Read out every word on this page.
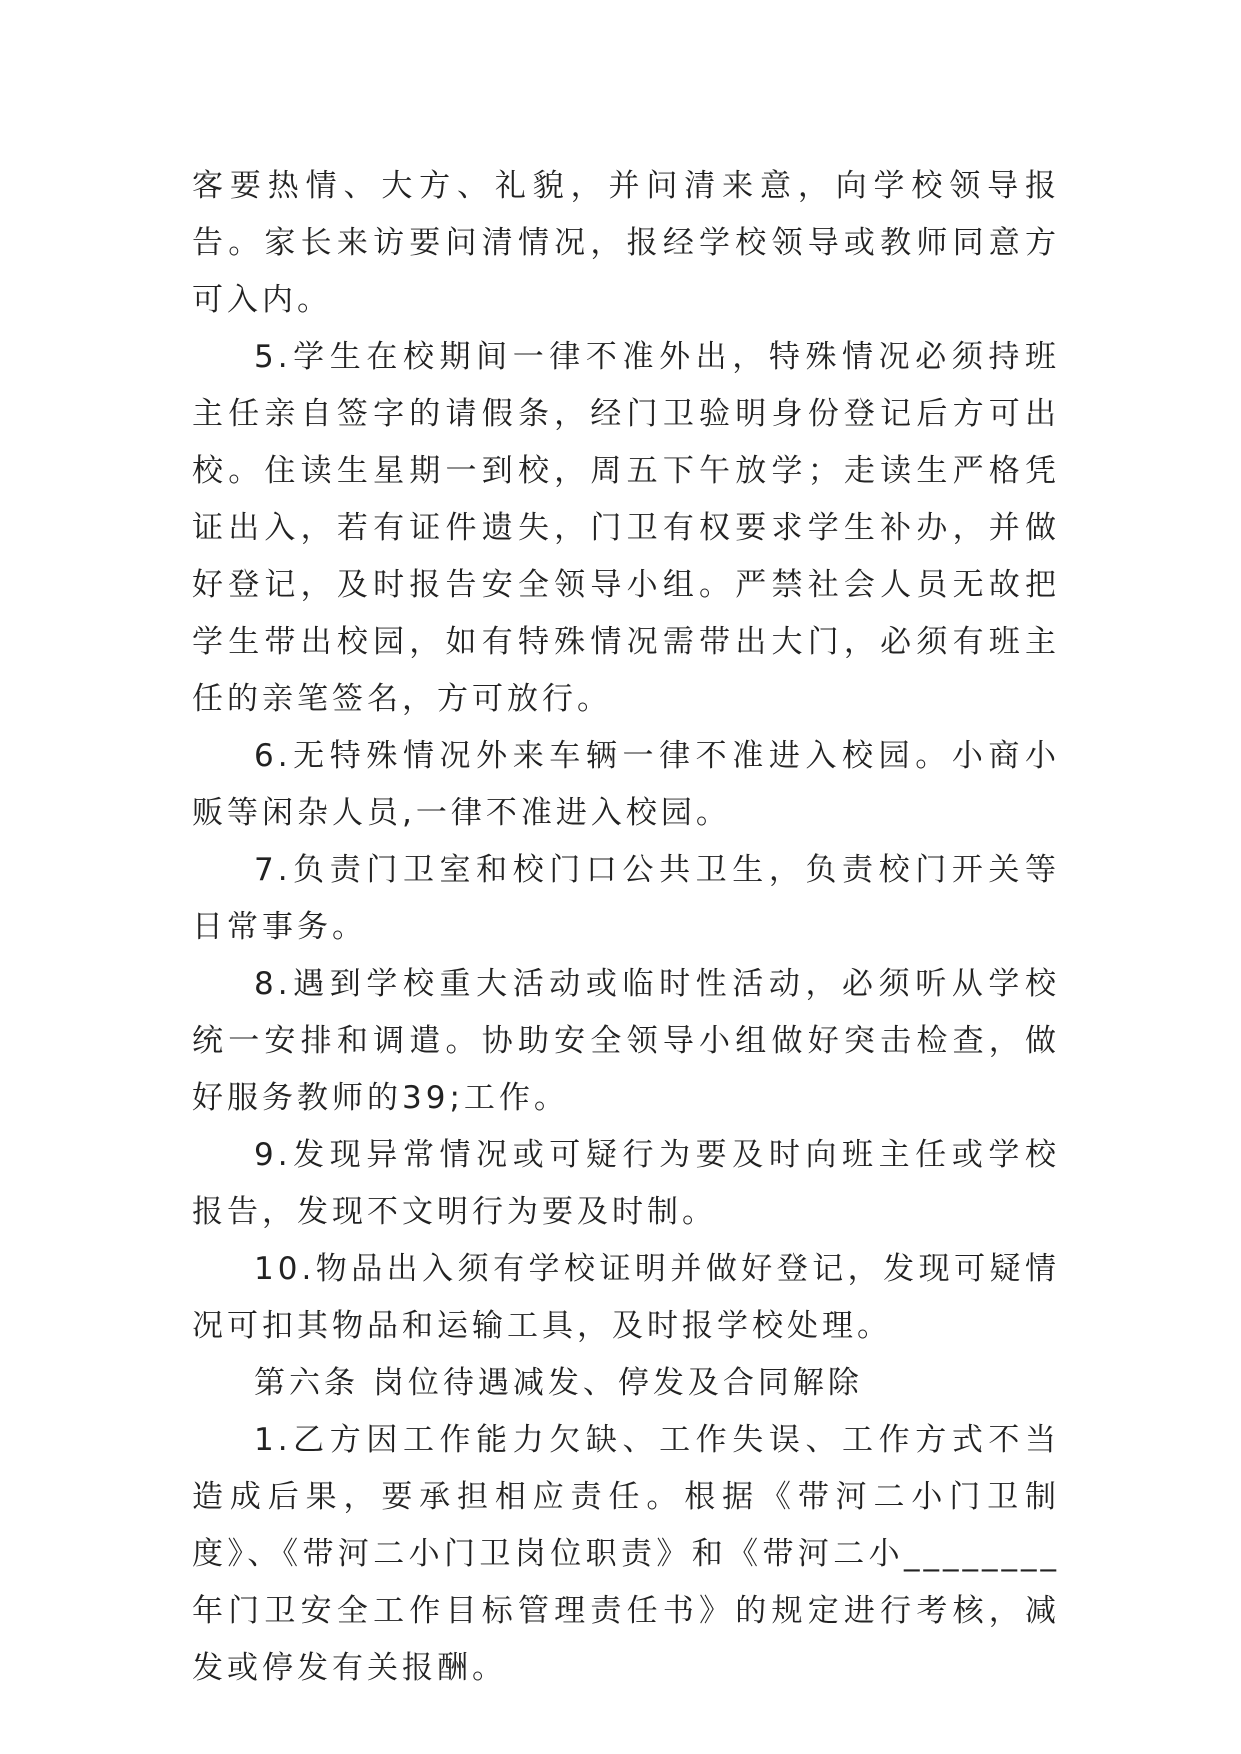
客要热情、大方、礼貌，并问清来意，向学校领导报告。家长来访要问清情况，报经学校领导或教师同意方可入内。

5.学生在校期间一律不准外出，特殊情况必须持班主任亲自签字的请假条，经门卫验明身份登记后方可出校。住读生星期一到校，周五下午放学；走读生严格凭证出入，若有证件遗失，门卫有权要求学生补办，并做好登记，及时报告安全领导小组。严禁社会人员无故把学生带出校园，如有特殊情况需带出大门，必须有班主任的亲笔签名，方可放行。

6.无特殊情况外来车辆一律不准进入校园。小商小贩等闲杂人员,一律不准进入校园。

7.负责门卫室和校门口公共卫生，负责校门开关等日常事务。

8.遇到学校重大活动或临时性活动，必须听从学校统一安排和调遣。协助安全领导小组做好突击检查，做好服务教师的39;工作。

9.发现异常情况或可疑行为要及时向班主任或学校报告，发现不文明行为要及时制。

10.物品出入须有学校证明并做好登记，发现可疑情况可扣其物品和运输工具，及时报学校处理。

第六条 岗位待遇减发、停发及合同解除

1.乙方因工作能力欠缺、工作失误、工作方式不当造成后果，要承担相应责任。根据《带河二小门卫制度》、《带河二小门卫岗位职责》和《带河二小________年门卫安全工作目标管理责任书》的规定进行考核，减发或停发有关报酬。
